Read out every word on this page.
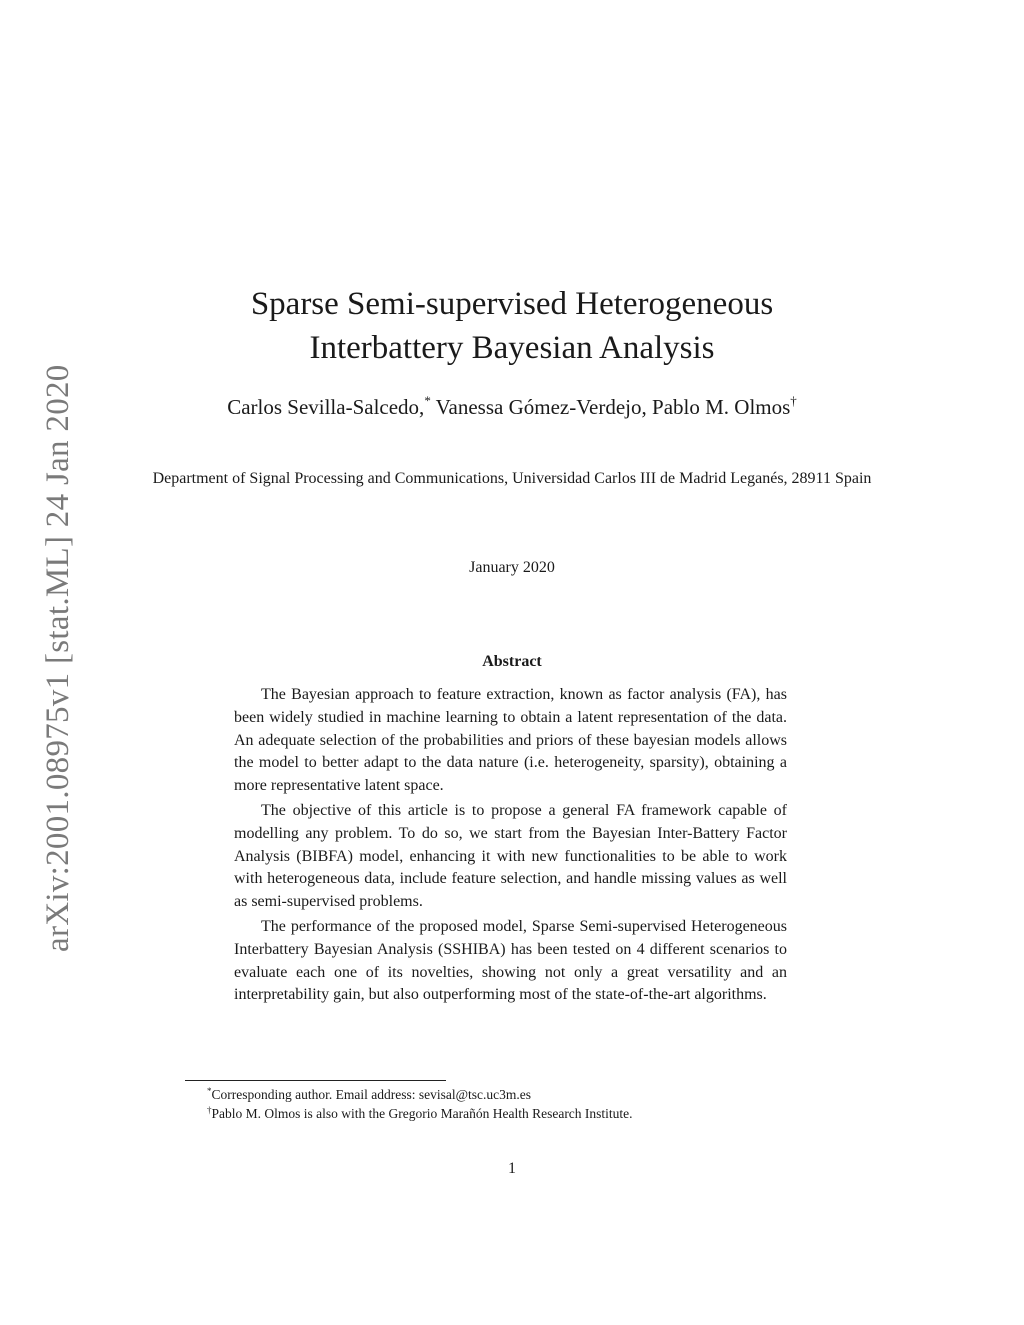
arXiv:2001.08975v1 [stat.ML] 24 Jan 2020
Sparse Semi-supervised Heterogeneous
Interbattery Bayesian Analysis
Carlos Sevilla-Salcedo,* Vanessa Gómez-Verdejo, Pablo M. Olmos†
Department of Signal Processing and Communications, Universidad Carlos III de Madrid Leganés, 28911 Spain
January 2020
Abstract

The Bayesian approach to feature extraction, known as factor analysis (FA), has been widely studied in machine learning to obtain a latent representation of the data. An adequate selection of the probabilities and priors of these bayesian models allows the model to better adapt to the data nature (i.e. heterogeneity, sparsity), obtaining a more representative latent space.

The objective of this article is to propose a general FA framework capable of modelling any problem. To do so, we start from the Bayesian Inter-Battery Factor Analysis (BIBFA) model, enhancing it with new functionalities to be able to work with heterogeneous data, include feature selection, and handle missing values as well as semi-supervised problems.

The performance of the proposed model, Sparse Semi-supervised Heterogeneous Interbattery Bayesian Analysis (SSHIBA) has been tested on 4 different scenarios to evaluate each one of its novelties, showing not only a great versatility and an interpretability gain, but also outperforming most of the state-of-the-art algorithms.

*Corresponding author. Email address: sevisal@tsc.uc3m.es
†Pablo M. Olmos is also with the Gregorio Marañón Health Research Institute.
1
